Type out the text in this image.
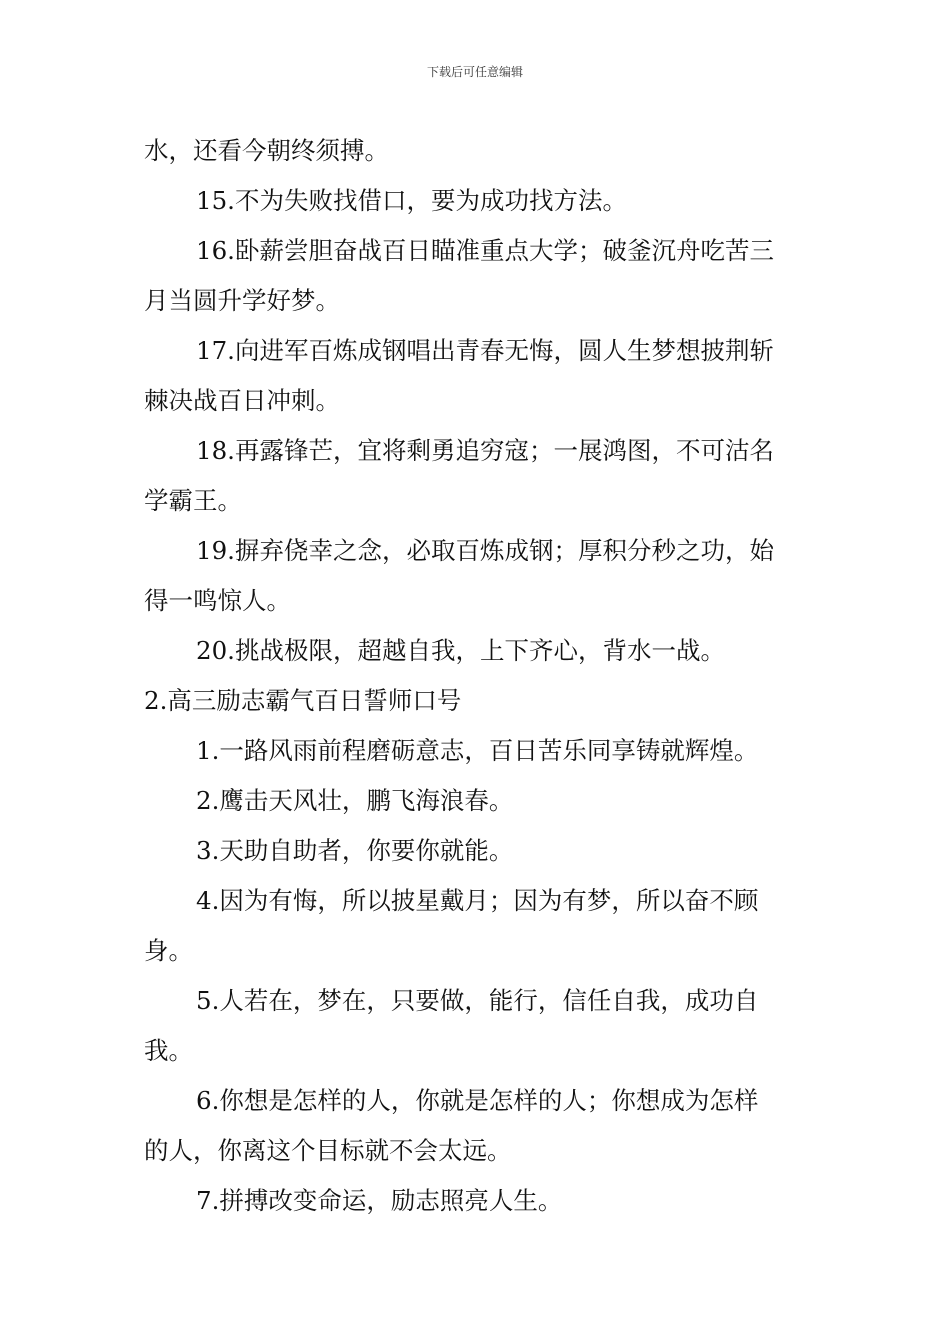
下载后可任意编辑
水，还看今朝终须搏。
15.不为失败找借口，要为成功找方法。
16.卧薪尝胆奋战百日瞄准重点大学；破釜沉舟吃苦三
月当圆升学好梦。
17.向进军百炼成钢唱出青春无悔，圆人生梦想披荆斩
棘决战百日冲刺。
18.再露锋芒，宜将剩勇追穷寇；一展鸿图，不可沽名
学霸王。
19.摒弃侥幸之念，必取百炼成钢；厚积分秒之功，始
得一鸣惊人。
20.挑战极限，超越自我，上下齐心，背水一战。
2.高三励志霸气百日誓师口号
1.一路风雨前程磨砺意志，百日苦乐同享铸就辉煌。
2.鹰击天风壮，鹏飞海浪春。
3.天助自助者，你要你就能。
4.因为有悔，所以披星戴月；因为有梦，所以奋不顾
身。
5.人若在，梦在，只要做，能行，信任自我，成功自
我。
6.你想是怎样的人，你就是怎样的人；你想成为怎样
的人，你离这个目标就不会太远。
7.拼搏改变命运，励志照亮人生。
